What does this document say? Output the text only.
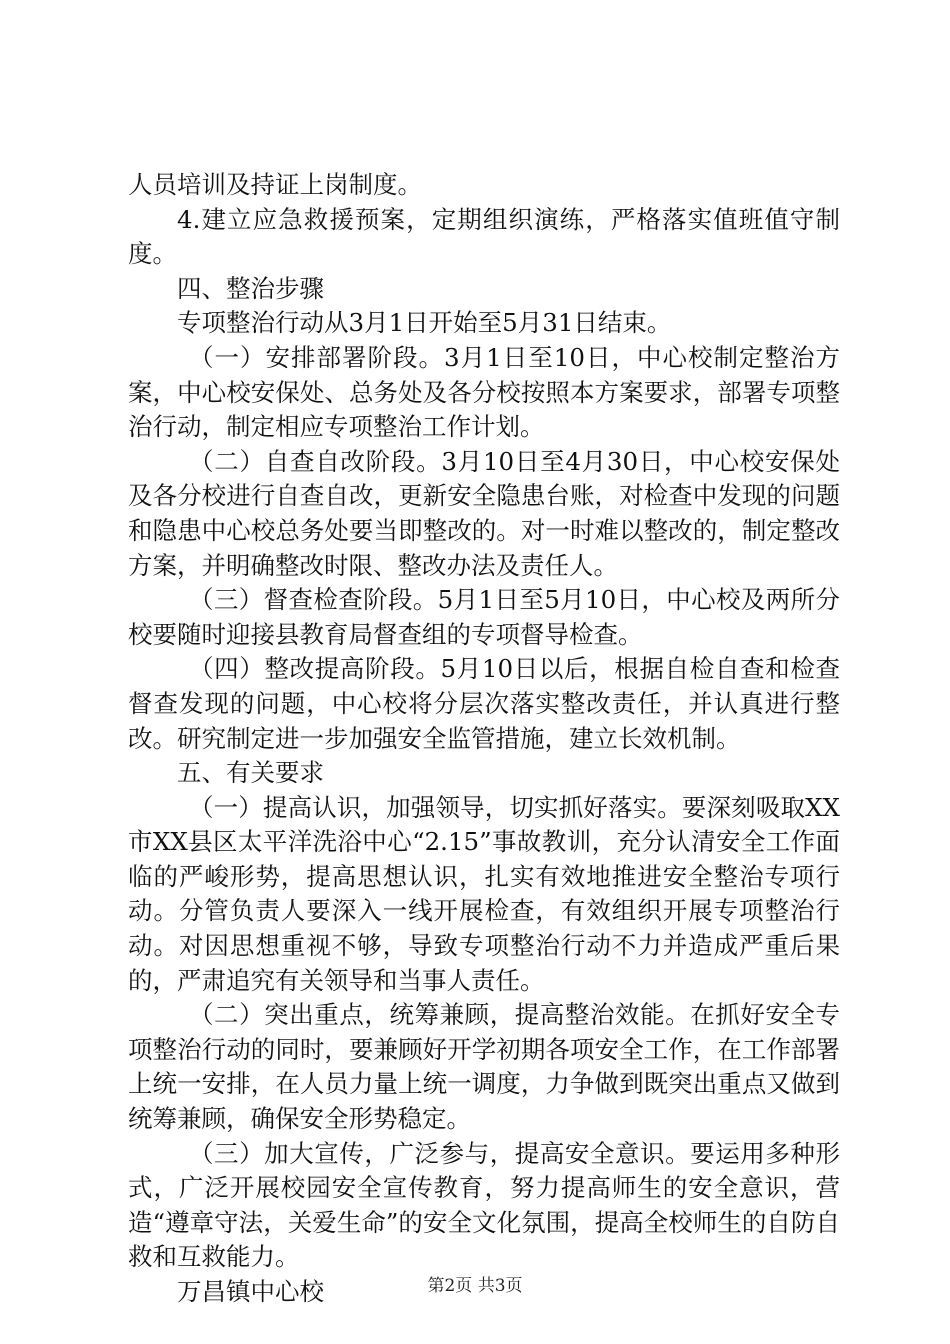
人员培训及持证上岗制度。

4.建立应急救援预案，定期组织演练，严格落实值班值守制度。

四、整治步骤

专项整治行动从3月1日开始至5月31日结束。

（一）安排部署阶段。3月1日至10日，中心校制定整治方案，中心校安保处、总务处及各分校按照本方案要求，部署专项整治行动，制定相应专项整治工作计划。

（二）自查自改阶段。3月10日至4月30日，中心校安保处及各分校进行自查自改，更新安全隐患台账，对检查中发现的问题和隐患中心校总务处要当即整改的。对一时难以整改的，制定整改方案，并明确整改时限、整改办法及责任人。

（三）督查检查阶段。5月1日至5月10日，中心校及两所分校要随时迎接县教育局督查组的专项督导检查。

（四）整改提高阶段。5月10日以后，根据自检自查和检查督查发现的问题，中心校将分层次落实整改责任，并认真进行整改。研究制定进一步加强安全监管措施，建立长效机制。

五、有关要求

（一）提高认识，加强领导，切实抓好落实。要深刻吸取XX市XX县区太平洋洗浴中心“2.15”事故教训，充分认清安全工作面临的严峻形势，提高思想认识，扎实有效地推进安全整治专项行动。分管负责人要深入一线开展检查，有效组织开展专项整治行动。对因思想重视不够，导致专项整治行动不力并造成严重后果的，严肃追究有关领导和当事人责任。

（二）突出重点，统筹兼顾，提高整治效能。在抓好安全专项整治行动的同时，要兼顾好开学初期各项安全工作，在工作部署上统一安排，在人员力量上统一调度，力争做到既突出重点又做到统筹兼顾，确保安全形势稳定。

（三）加大宣传，广泛参与，提高安全意识。要运用多种形式，广泛开展校园安全宣传教育，努力提高师生的安全意识，营造“遵章守法，关爱生命”的安全文化氛围，提高全校师生的自防自救和互救能力。

万昌镇中心校	第2页 共3页
